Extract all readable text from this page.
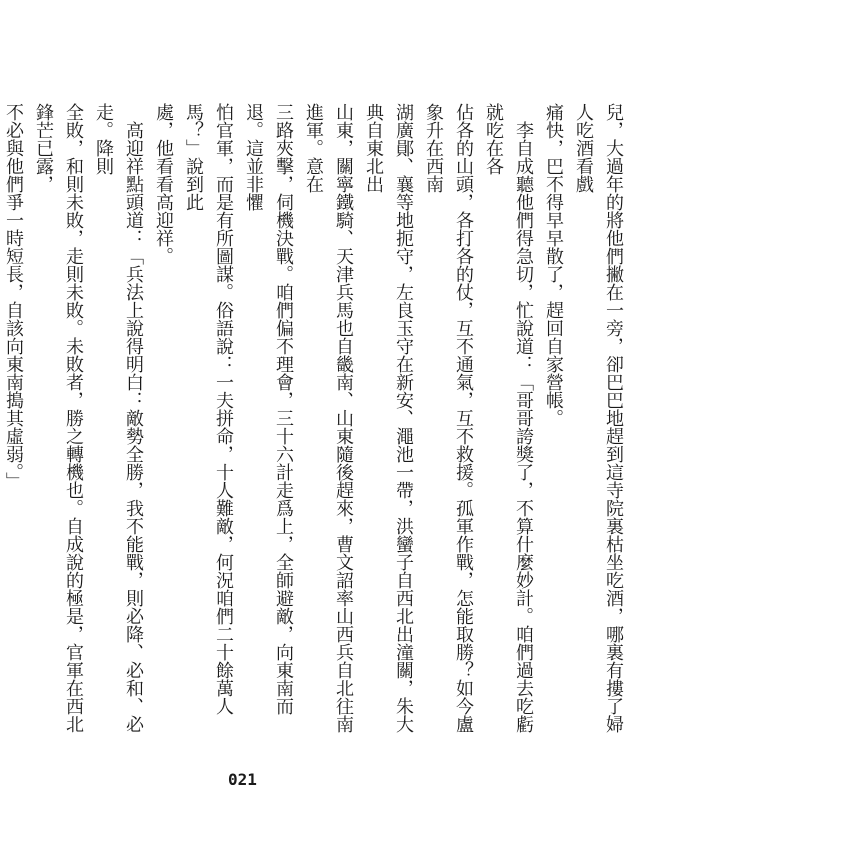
兒，大過年的將他們撇在一旁，卻巴巴地趕到這寺院裏枯坐吃酒，哪裏有摟了婦人吃酒看戲

痛快，巴不得早早散了，趕回自家營帳。

　李自成聽他們得急切，忙說道：「哥哥誇獎了，不算什麼妙計。咱們過去吃虧就吃在各

佔各的山頭，各打各的仗，互不通氣，互不救援。孤軍作戰，怎能取勝？如今盧象升在西南

湖廣鄖、襄等地扼守，左良玉守在新安、澠池一帶，洪蠻子自西北出潼關，朱大典自東北出

山東，關寧鐵騎、天津兵馬也自畿南、山東隨後趕來，曹文詔率山西兵自北往南進軍。意在

三路夾擊，伺機決戰。咱們偏不理會，三十六計走爲上，全師避敵，向東南而退。這並非懼

怕官軍，而是有所圖謀。俗語說：一夫拼命，十人難敵，何況咱們二十餘萬人馬？」說到此

處，他看看高迎祥。

　高迎祥點頭道：「兵法上說得明白：敵勢全勝，我不能戰，則必降、必和、必走。降則

全敗，和則未敗，走則未敗。未敗者，勝之轉機也。自成說的極是，官軍在西北鋒芒已露，

不必與他們爭一時短長，自該向東南搗其虛弱。」

021
